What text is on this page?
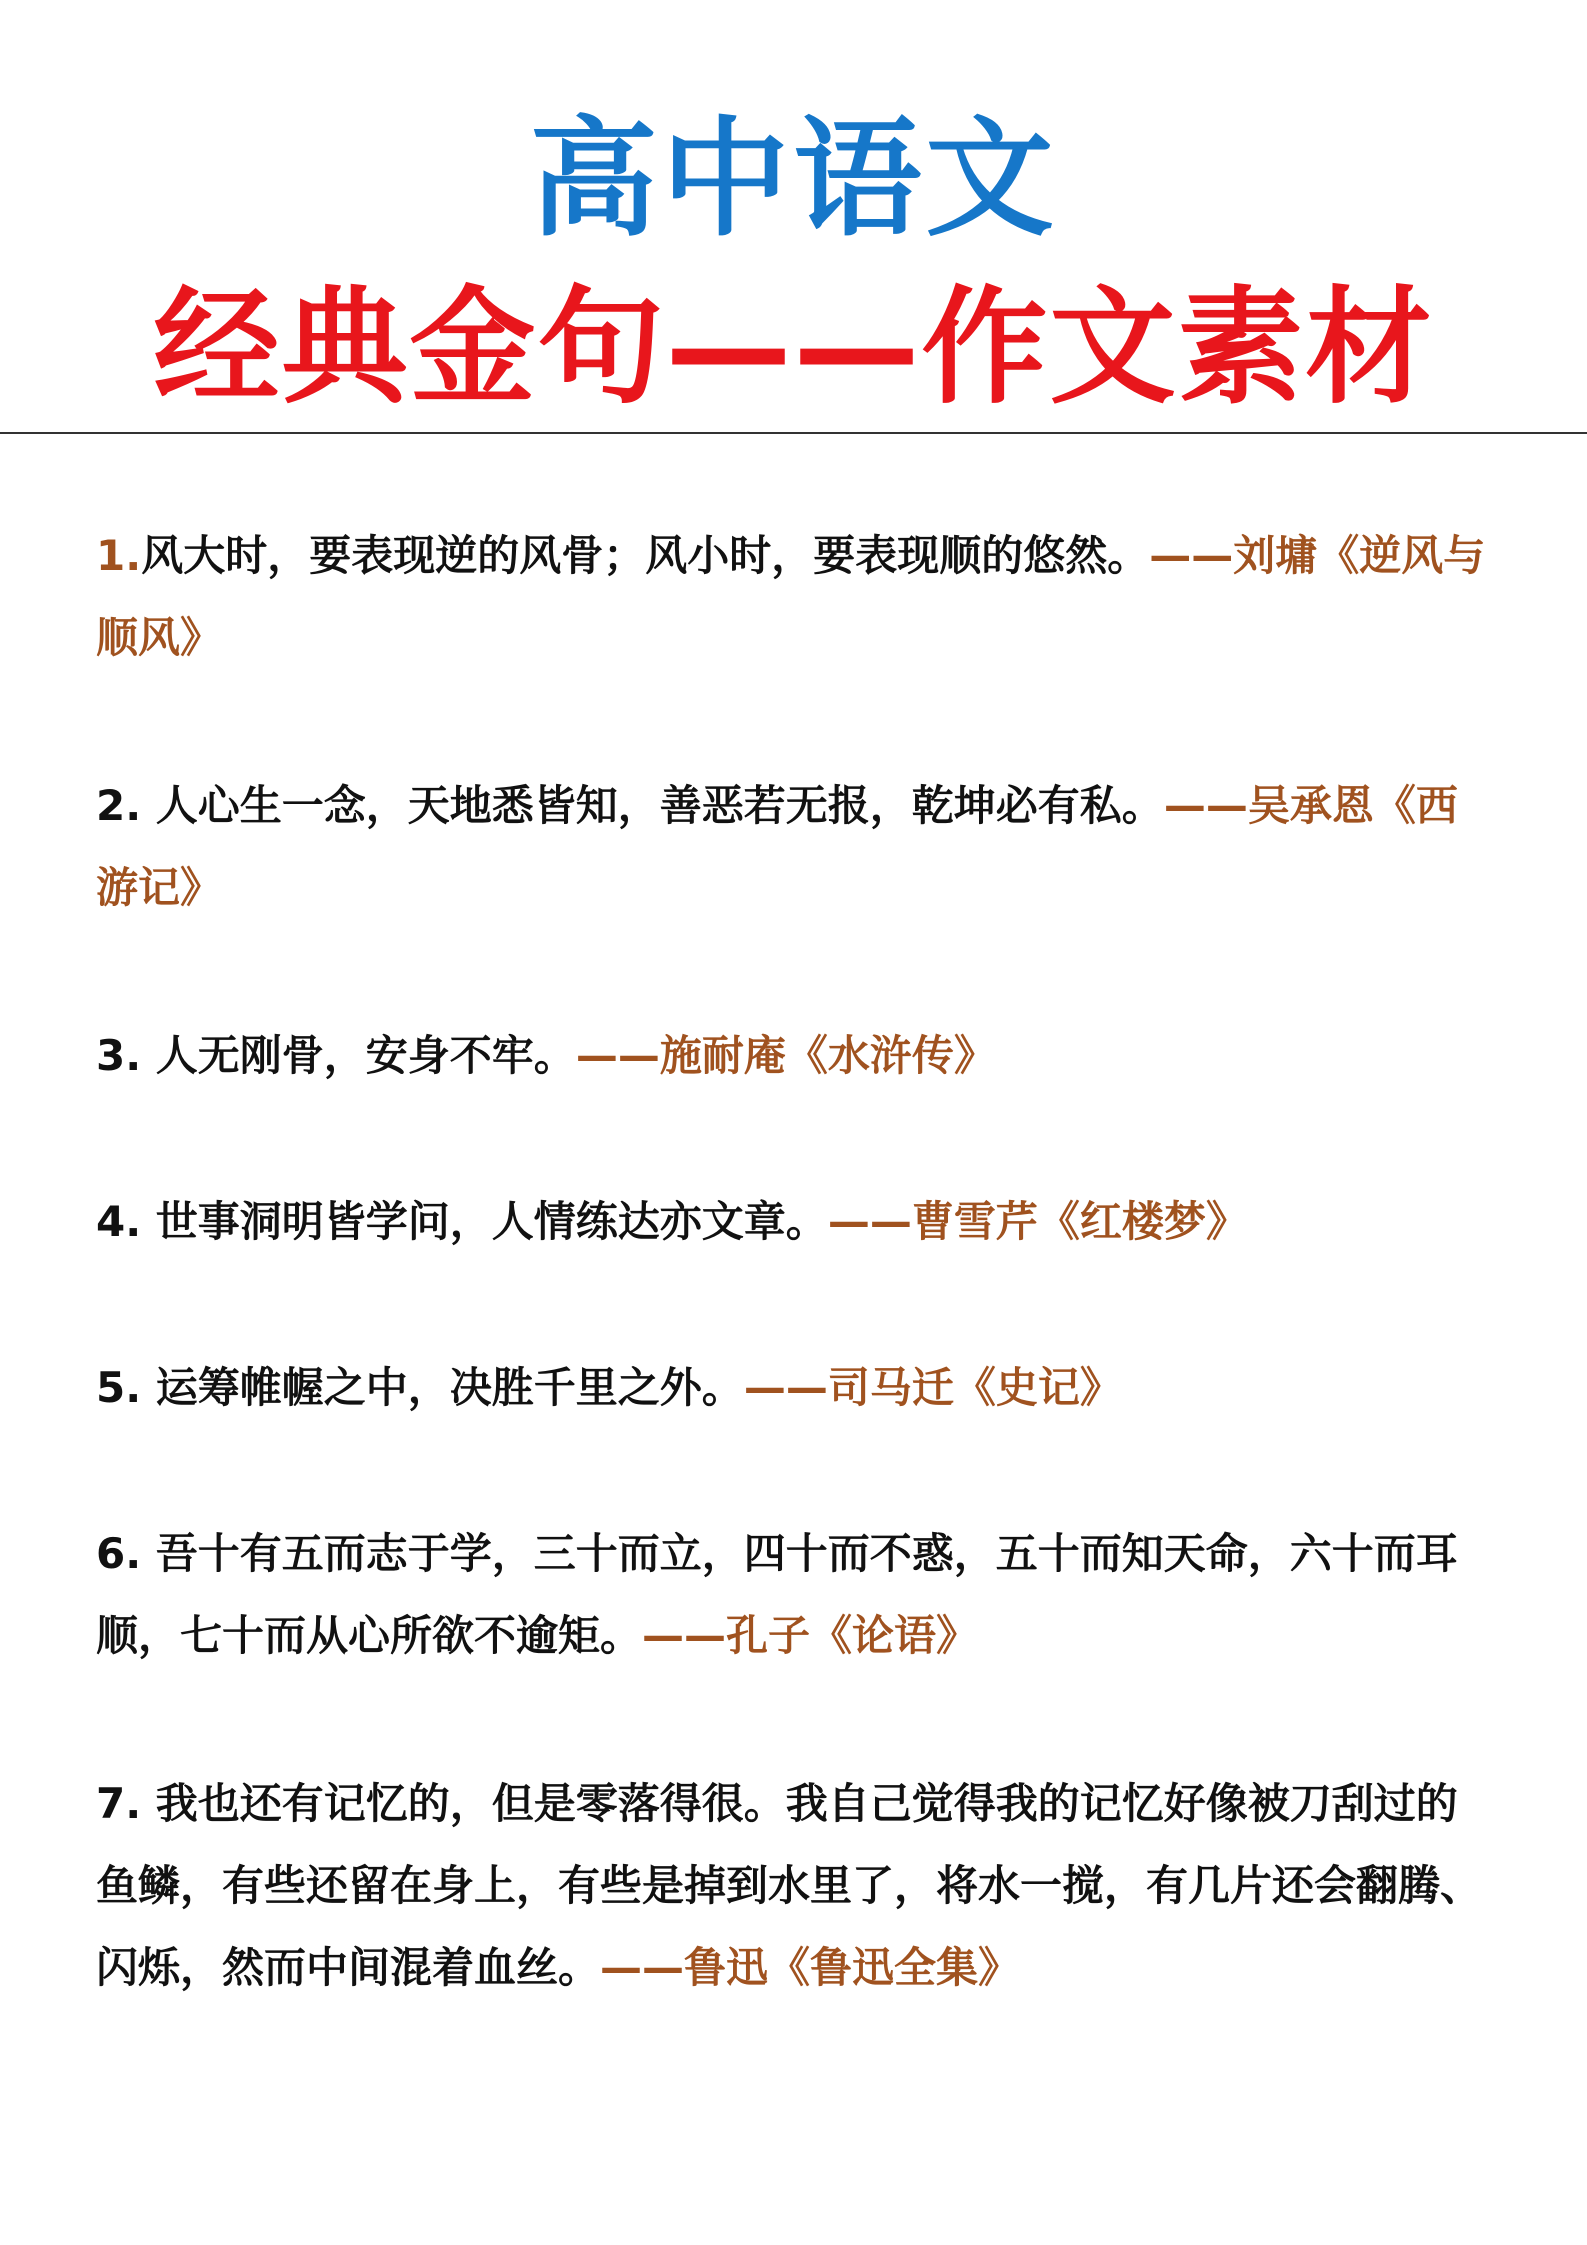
高中语文
经典金句——作文素材

1.风大时，要表现逆的风骨；风小时，要表现顺的悠然。——刘墉《逆风与顺风》

2. 人心生一念，天地悉皆知，善恶若无报，乾坤必有私。——吴承恩《西游记》

3. 人无刚骨，安身不牢。——施耐庵《水浒传》

4. 世事洞明皆学问，人情练达亦文章。——曹雪芹《红楼梦》

5. 运筹帷幄之中，决胜千里之外。——司马迁《史记》

6. 吾十有五而志于学，三十而立，四十而不惑，五十而知天命，六十而耳顺，七十而从心所欲不逾矩。——孔子《论语》

7. 我也还有记忆的，但是零落得很。我自己觉得我的记忆好像被刀刮过的鱼鳞，有些还留在身上，有些是掉到水里了，将水一搅，有几片还会翻腾、闪烁，然而中间混着血丝。——鲁迅《鲁迅全集》
